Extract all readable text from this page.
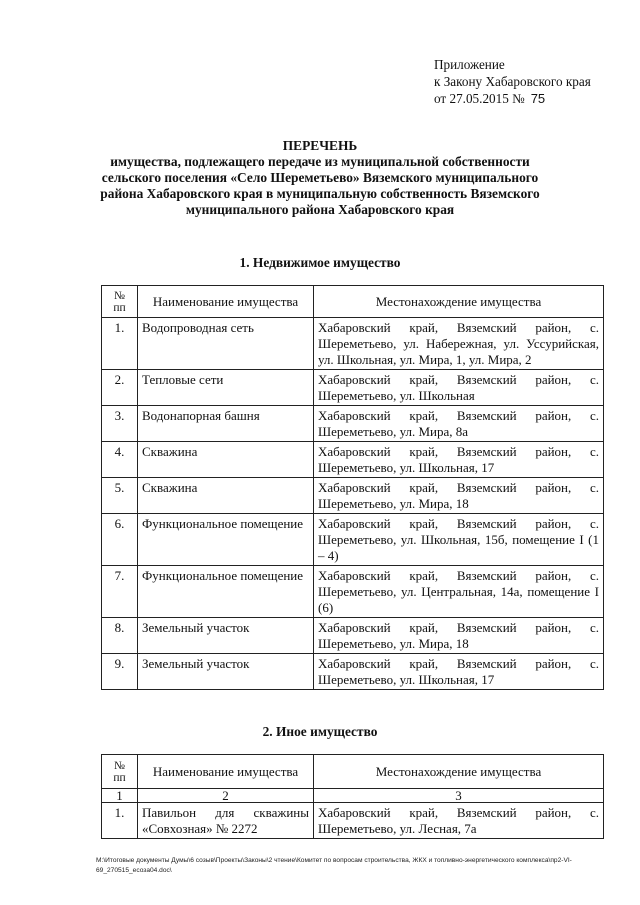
Приложение
к Закону Хабаровского края
от 27.05.2015 № 75
ПЕРЕЧЕНЬ
имущества, подлежащего передаче из муниципальной собственности сельского поселения «Село Шереметьево» Вяземского муниципального района Хабаровского края в муниципальную собственность Вяземского муниципального района Хабаровского края
1. Недвижимое имущество
№
пп	Наименование имущества	Местонахождение имущества
1.	Водопроводная сеть	Хабаровский край, Вяземский район, с. Шереметьево, ул. Набережная, ул. Уссурийская, ул. Школьная, ул. Мира, 1, ул. Мира, 2
2.	Тепловые сети	Хабаровский край, Вяземский район, с. Шереметьево, ул. Школьная
3.	Водонапорная башня	Хабаровский край, Вяземский район, с. Шереметьево, ул. Мира, 8а
4.	Скважина	Хабаровский край, Вяземский район, с. Шереметьево, ул. Школьная, 17
5.	Скважина	Хабаровский край, Вяземский район, с. Шереметьево, ул. Мира, 18
6.	Функциональное помещение	Хабаровский край, Вяземский район, с. Шереметьево, ул. Школьная, 15б, помещение I (1 – 4)
7.	Функциональное помещение	Хабаровский край, Вяземский район, с. Шереметьево, ул. Центральная, 14а, помещение I (6)
8.	Земельный участок	Хабаровский край, Вяземский район, с. Шереметьево, ул. Мира, 18
9.	Земельный участок	Хабаровский край, Вяземский район, с. Шереметьево, ул. Школьная, 17
2. Иное имущество
№
пп	Наименование имущества	Местонахождение имущества
1	2	3
1.	Павильон для скважины «Совхозная» № 2272	Хабаровский край, Вяземский район, с. Шереметьево, ул. Лесная, 7а
M:\Итоговые документы Думы\6 созыв\Проекты\Законы\2 чтение\Комитет по вопросам строительства, ЖКХ и топливно-энергетического комплекса\пр2-VI-69_270515_eсоза04.doc\
